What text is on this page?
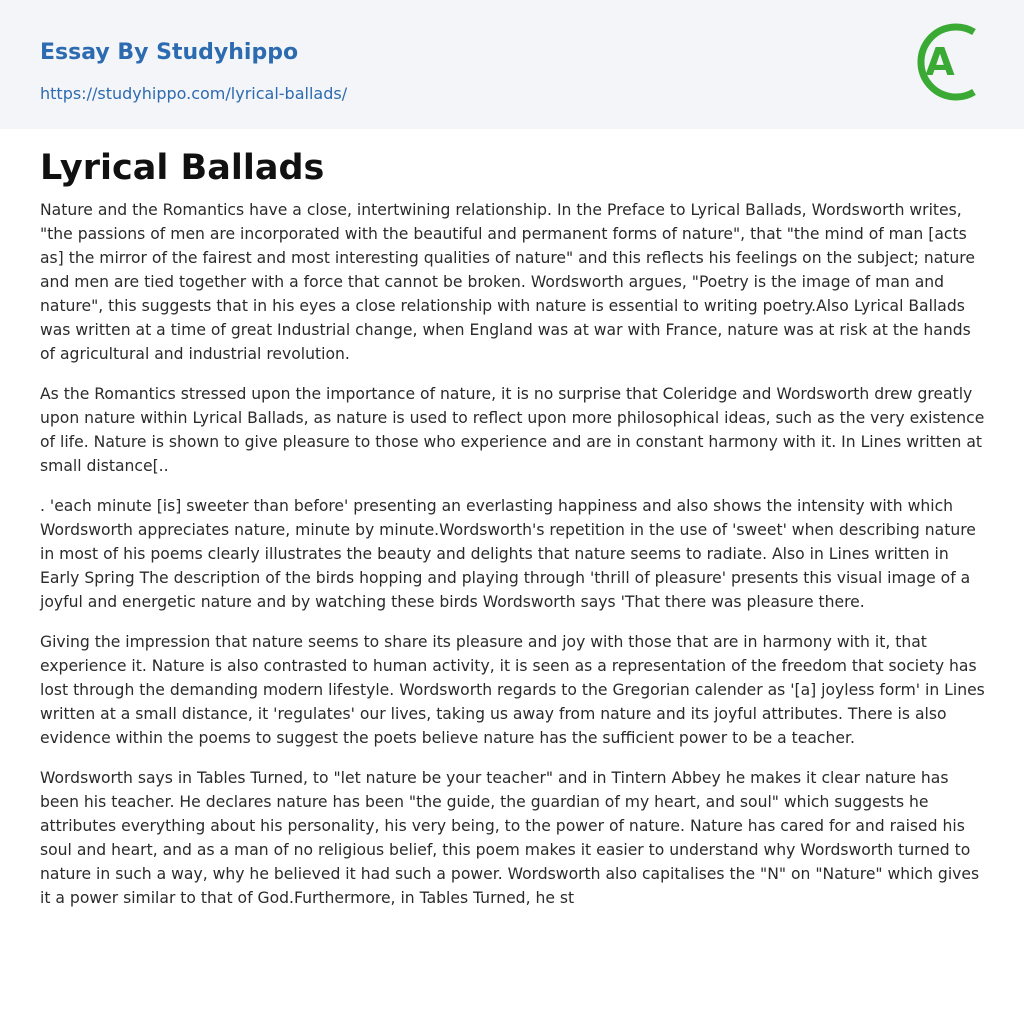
Essay By Studyhippo
https://studyhippo.com/lyrical-ballads/
A
Lyrical Ballads

Nature and the Romantics have a close, intertwining relationship. In the Preface to Lyrical Ballads, Wordsworth writes, "the passions of men are incorporated with the beautiful and permanent forms of nature", that "the mind of man [acts as] the mirror of the fairest and most interesting qualities of nature" and this reflects his feelings on the subject; nature and men are tied together with a force that cannot be broken. Wordsworth argues, "Poetry is the image of man and nature", this suggests that in his eyes a close relationship with nature is essential to writing poetry.Also Lyrical Ballads was written at a time of great Industrial change, when England was at war with France, nature was at risk at the hands of agricultural and industrial revolution.

As the Romantics stressed upon the importance of nature, it is no surprise that Coleridge and Wordsworth drew greatly upon nature within Lyrical Ballads, as nature is used to reflect upon more philosophical ideas, such as the very existence of life. Nature is shown to give pleasure to those who experience and are in constant harmony with it. In Lines written at small distance[..

. 'each minute [is] sweeter than before' presenting an everlasting happiness and also shows the intensity with which Wordsworth appreciates nature, minute by minute.Wordsworth's repetition in the use of 'sweet' when describing nature in most of his poems clearly illustrates the beauty and delights that nature seems to radiate. Also in Lines written in Early Spring The description of the birds hopping and playing through 'thrill of pleasure' presents this visual image of a joyful and energetic nature and by watching these birds Wordsworth says 'That there was pleasure there.

Giving the impression that nature seems to share its pleasure and joy with those that are in harmony with it, that experience it. Nature is also contrasted to human activity, it is seen as a representation of the freedom that society has lost through the demanding modern lifestyle. Wordsworth regards to the Gregorian calender as '[a] joyless form' in Lines written at a small distance, it 'regulates' our lives, taking us away from nature and its joyful attributes. There is also evidence within the poems to suggest the poets believe nature has the sufficient power to be a teacher.

Wordsworth says in Tables Turned, to "let nature be your teacher" and in Tintern Abbey he makes it clear nature has been his teacher. He declares nature has been "the guide, the guardian of my heart, and soul" which suggests he attributes everything about his personality, his very being, to the power of nature. Nature has cared for and raised his soul and heart, and as a man of no religious belief, this poem makes it easier to understand why Wordsworth turned to nature in such a way, why he believed it had such a power. Wordsworth also capitalises the "N" on "Nature" which gives it a power similar to that of God.Furthermore, in Tables Turned, he st
